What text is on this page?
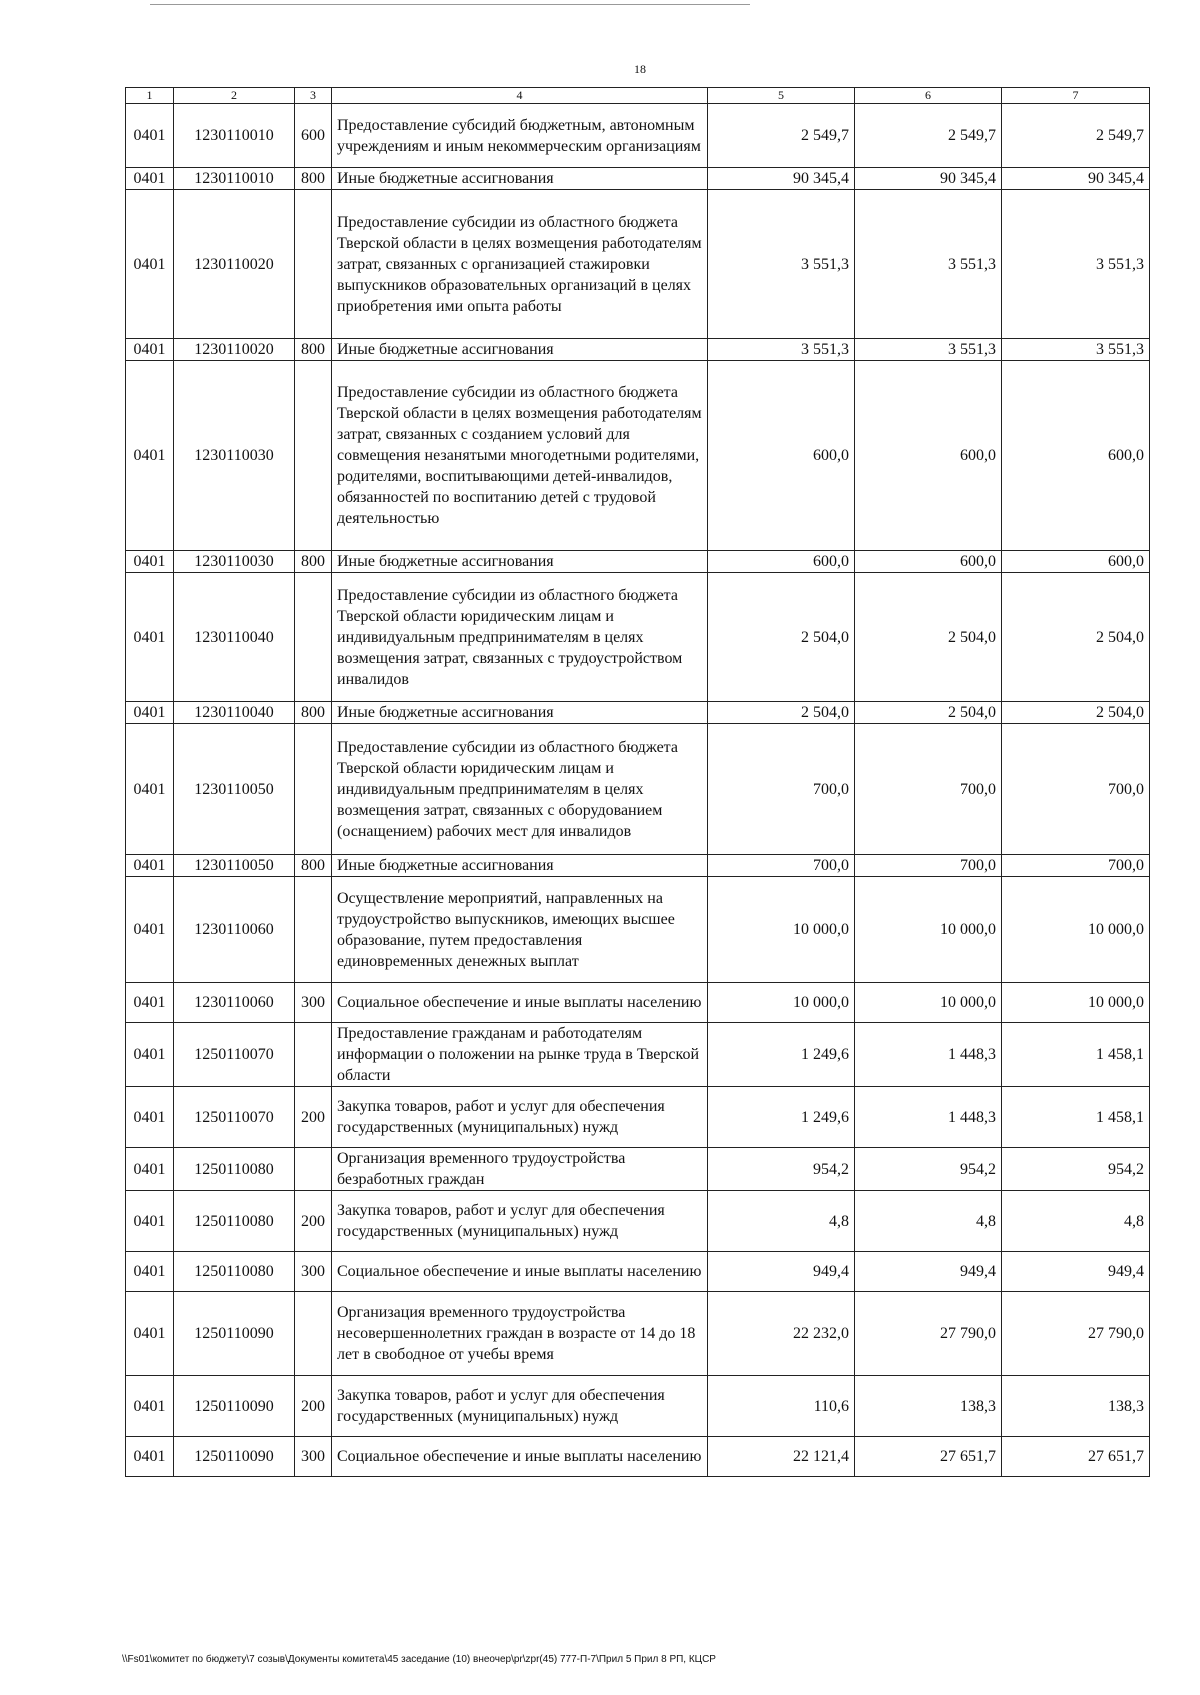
18
1	2	3	4	5	6	7
0401	1230110010	600	Предоставление субсидий бюджетным, автономным учреждениям и иным некоммерческим организациям	2 549,7	2 549,7	2 549,7
0401	1230110010	800	Иные бюджетные ассигнования	90 345,4	90 345,4	90 345,4
0401	1230110020		Предоставление субсидии из областного бюджета Тверской области в целях возмещения работодателям затрат, связанных с организацией стажировки выпускников образовательных организаций в целях приобретения ими опыта работы	3 551,3	3 551,3	3 551,3
0401	1230110020	800	Иные бюджетные ассигнования	3 551,3	3 551,3	3 551,3
0401	1230110030		Предоставление субсидии из областного бюджета Тверской области в целях возмещения работодателям затрат, связанных с созданием условий для совмещения незанятыми многодетными родителями, родителями, воспитывающими детей-инвалидов, обязанностей по воспитанию детей с трудовой деятельностью	600,0	600,0	600,0
0401	1230110030	800	Иные бюджетные ассигнования	600,0	600,0	600,0
0401	1230110040		Предоставление субсидии из областного бюджета Тверской области юридическим лицам и индивидуальным предпринимателям в целях возмещения затрат, связанных с трудоустройством инвалидов	2 504,0	2 504,0	2 504,0
0401	1230110040	800	Иные бюджетные ассигнования	2 504,0	2 504,0	2 504,0
0401	1230110050		Предоставление субсидии из областного бюджета Тверской области юридическим лицам и индивидуальным предпринимателям в целях возмещения затрат, связанных с оборудованием (оснащением) рабочих мест для инвалидов	700,0	700,0	700,0
0401	1230110050	800	Иные бюджетные ассигнования	700,0	700,0	700,0
0401	1230110060		Осуществление мероприятий, направленных на трудоустройство выпускников, имеющих высшее образование, путем предоставления единовременных денежных выплат	10 000,0	10 000,0	10 000,0
0401	1230110060	300	Социальное обеспечение и иные выплаты населению	10 000,0	10 000,0	10 000,0
0401	1250110070		Предоставление гражданам и работодателям информации о положении на рынке труда в Тверской области	1 249,6	1 448,3	1 458,1
0401	1250110070	200	Закупка товаров, работ и услуг для обеспечения государственных (муниципальных) нужд	1 249,6	1 448,3	1 458,1
0401	1250110080		Организация временного трудоустройства безработных граждан	954,2	954,2	954,2
0401	1250110080	200	Закупка товаров, работ и услуг для обеспечения государственных (муниципальных) нужд	4,8	4,8	4,8
0401	1250110080	300	Социальное обеспечение и иные выплаты населению	949,4	949,4	949,4
0401	1250110090		Организация временного трудоустройства несовершеннолетних граждан в возрасте от 14 до 18 лет в свободное от учебы время	22 232,0	27 790,0	27 790,0
0401	1250110090	200	Закупка товаров, работ и услуг для обеспечения государственных (муниципальных) нужд	110,6	138,3	138,3
0401	1250110090	300	Социальное обеспечение и иные выплаты населению	22 121,4	27 651,7	27 651,7
\\Fs01\комитет по бюджету\7 созыв\Документы комитета\45 заседание (10) внеочер\pr\zpr(45) 777-П-7\Прил 5 Прил 8 РП, КЦСР
